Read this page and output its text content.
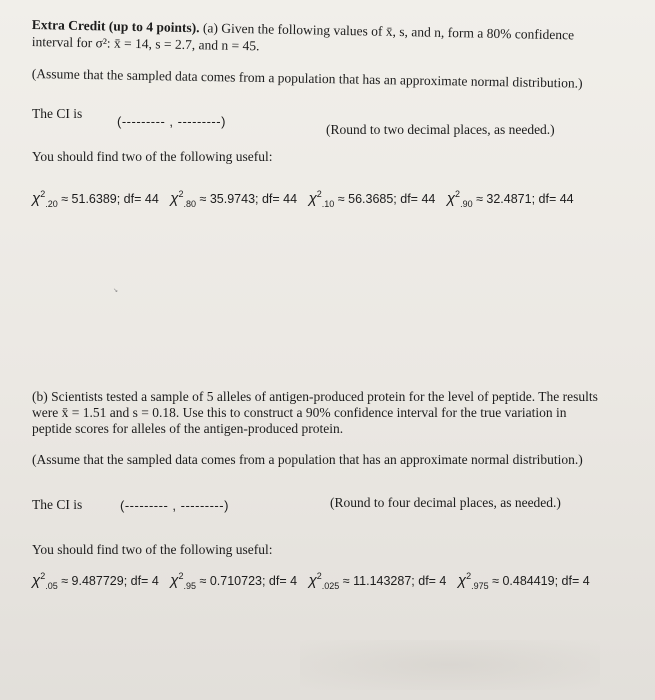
Extra Credit (up to 4 points). (a) Given the following values of x̄, s, and n, form a 80% confidence
interval for σ²: x̄ = 14, s = 2.7, and n = 45.
(Assume that the sampled data comes from a population that has an approximate normal distribution.)
The CI is
(--------- , ---------)
(Round to two decimal places, as needed.)
You should find two of the following useful:
$\chi^2_{.20} \approx 51.6389$; df= 44 $\chi^2_{.80} \approx 35.9743$; df= 44 $\chi^2_{.10} \approx 56.3685$; df= 44 $\chi^2_{.90} \approx 32.4871$; df= 44
↘
(b) Scientists tested a sample of 5 alleles of antigen-produced protein for the level of peptide. The results
were x̄ = 1.51 and s = 0.18. Use this to construct a 90% confidence interval for the true variation in
peptide scores for alleles of the antigen-produced protein.
(Assume that the sampled data comes from a population that has an approximate normal distribution.)
The CI is	(--------- , ---------)	(Round to four decimal places, as needed.)
You should find two of the following useful:
$\chi^2_{.05} \approx 9.487729$; df= 4 $\chi^2_{.95} \approx 0.710723$; df= 4 $\chi^2_{.025} \approx 11.143287$; df= 4 $\chi^2_{.975} \approx 0.484419$; df= 4
